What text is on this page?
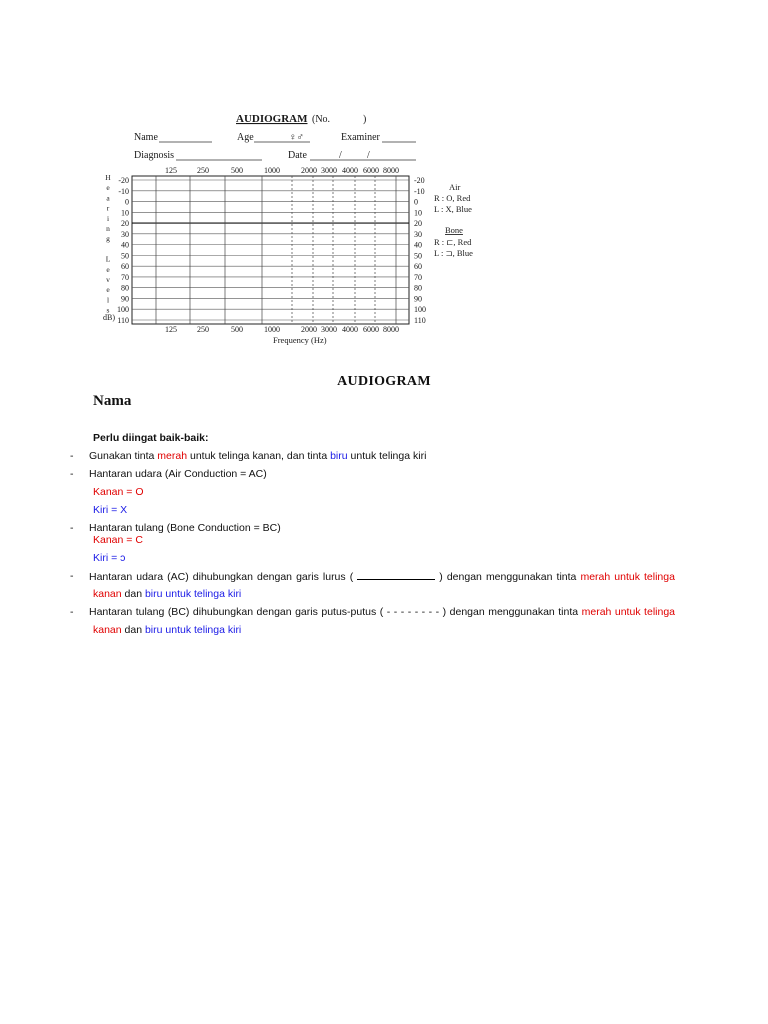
AUDIOGRAM (No.	)
Name	Age	♀♂	Examiner
Diagnosis	Date	/	/
-20	-20
-10	-10
0	0
10	10
20	20
30	30
40	40
50	50
60	60
70	70
80	80
90	90
100	100
110	110
125
125
250
250
500
500
1000
1000
2000
2000
3000
3000
4000
4000
6000
6000
8000
8000
H
e
a
r
i
n
g
L
e
v
e
l
s
dB)
Frequency (Hz)
Air
R : O, Red
L : X, Blue
Bone
R : ⊏, Red
L : ⊐, Blue
AUDIOGRAM
Nama
Perlu diingat baik-baik:
- Gunakan tinta merah untuk telinga kanan, dan tinta biru untuk telinga kiri
- Hantaran udara (Air Conduction = AC)
Kanan = O
Kiri = X
- Hantaran tulang (Bone Conduction = BC)
Kanan = C
Kiri = ɔ
- Hantaran udara (AC) dihubungkan dengan garis lurus (	) dengan menggunakan tinta merah untuk telinga
kanan dan biru untuk telinga kiri
- Hantaran tulang (BC) dihubungkan dengan garis putus-putus ( - - - - - - - - ) dengan menggunakan tinta merah untuk telinga
kanan dan biru untuk telinga kiri
